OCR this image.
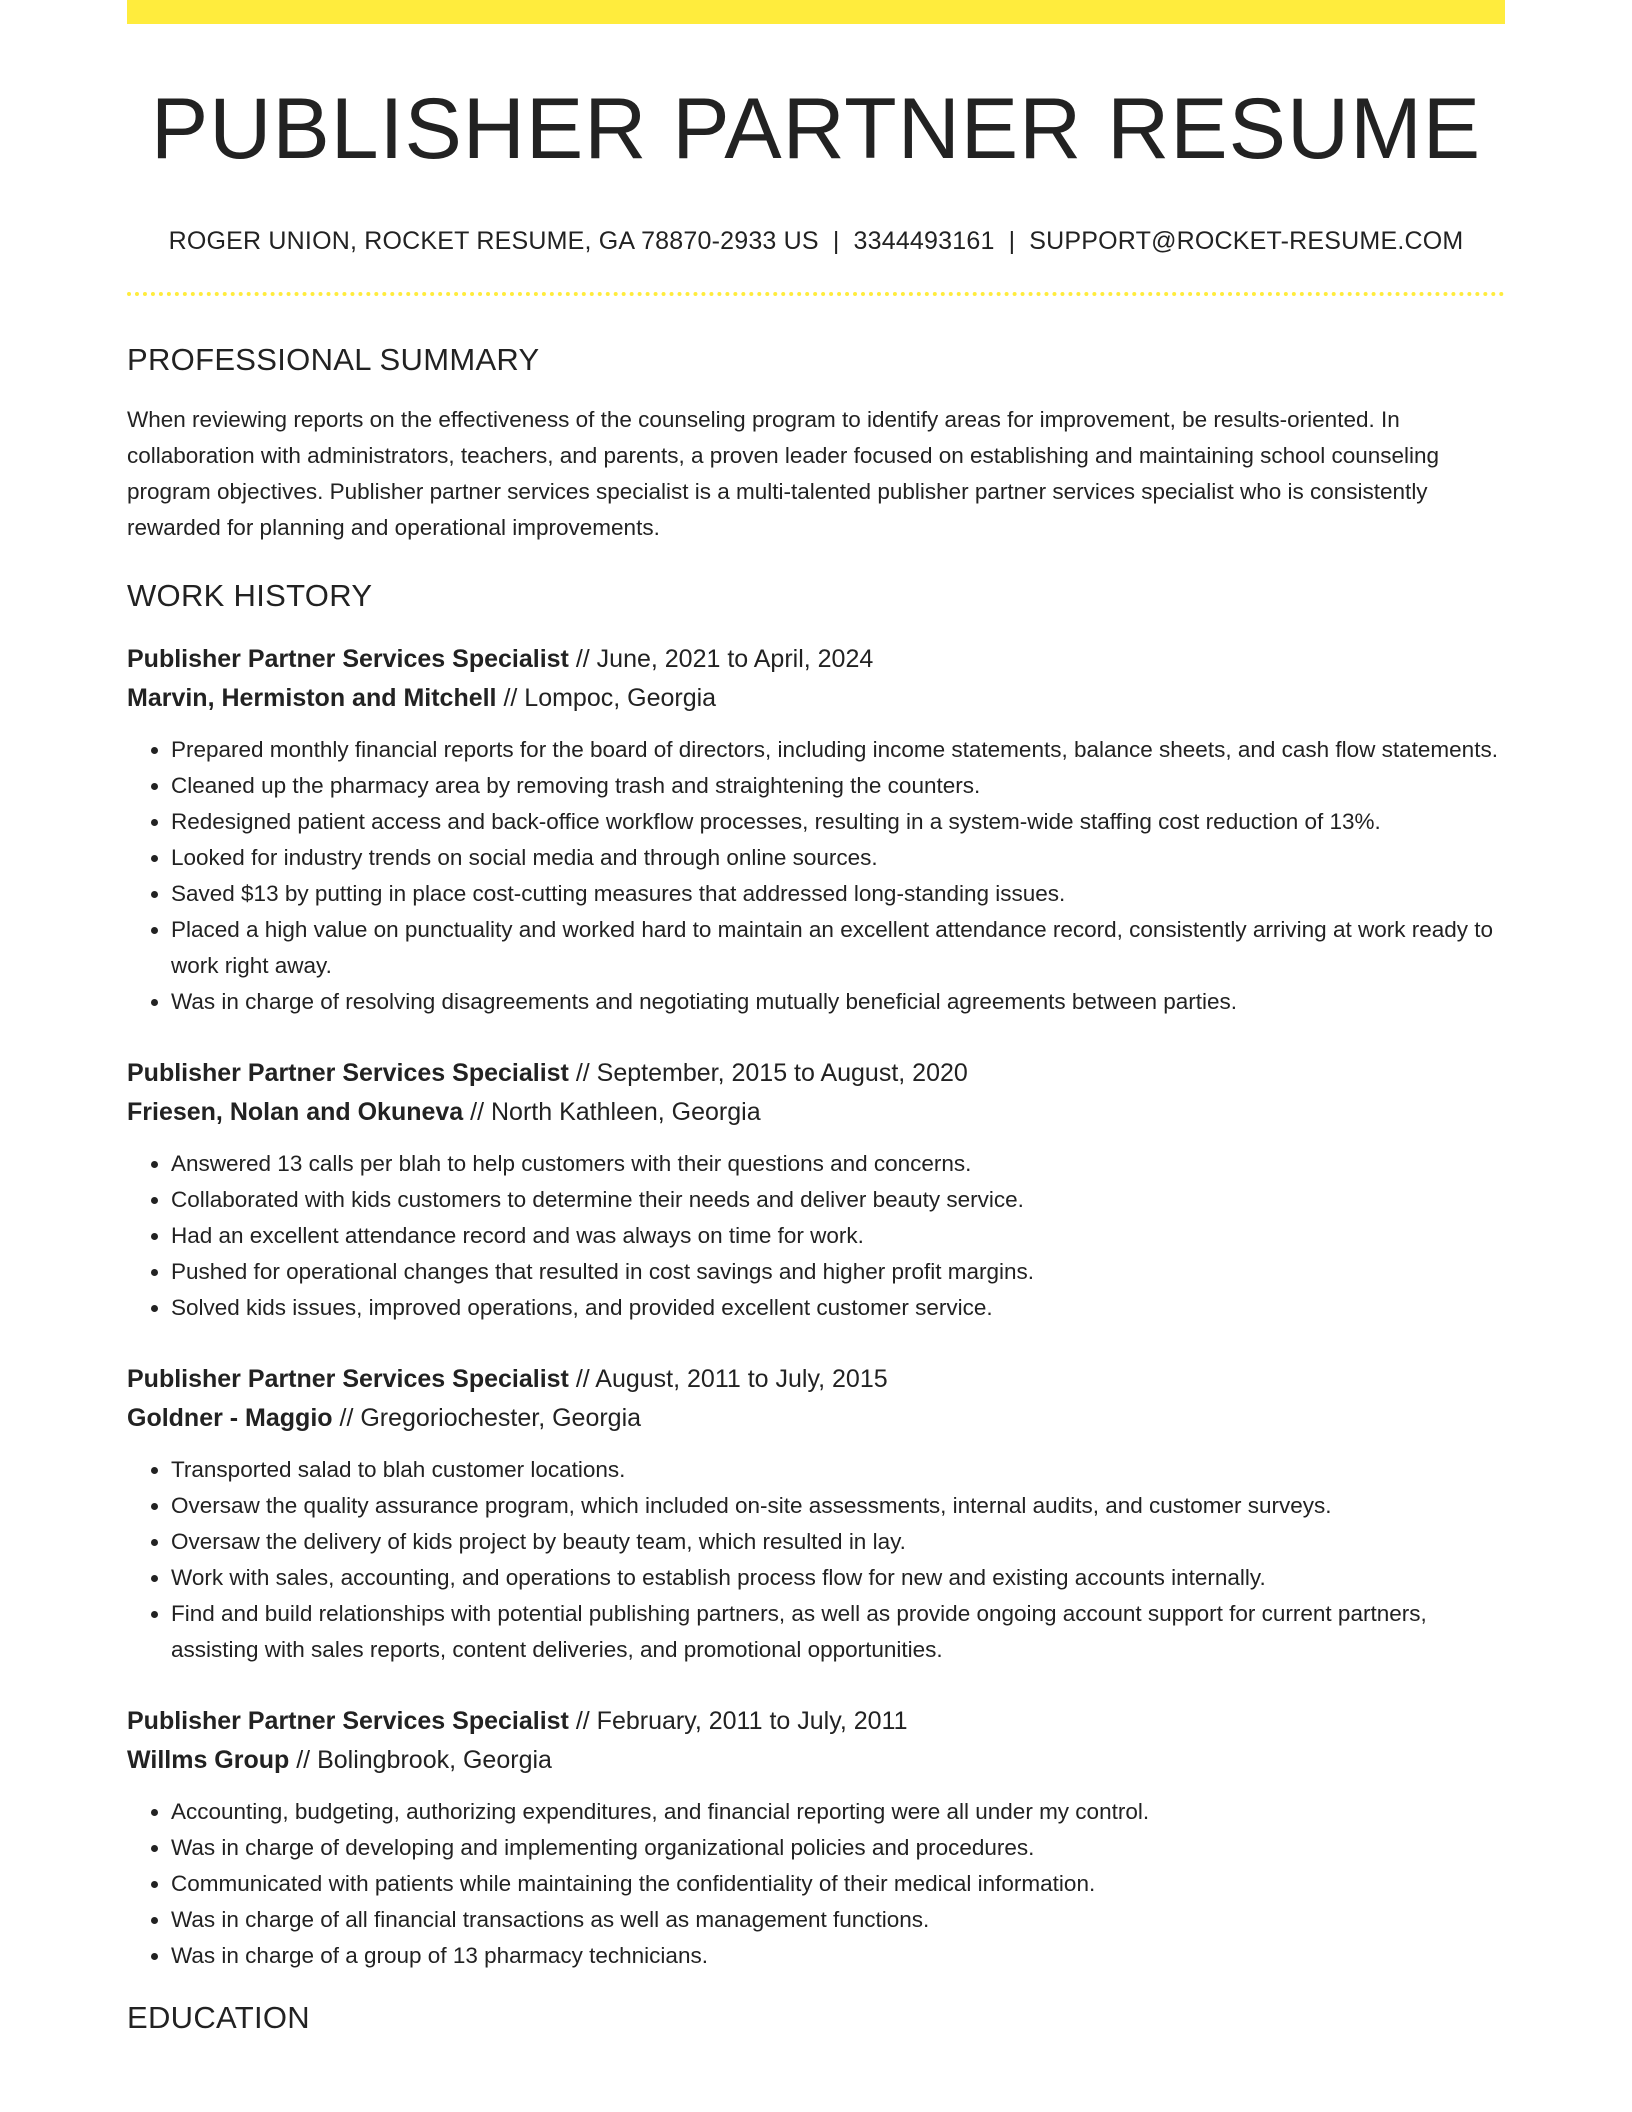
PUBLISHER PARTNER RESUME
ROGER UNION, ROCKET RESUME, GA 78870-2933 US | 3344493161 | SUPPORT@ROCKET-RESUME.COM
PROFESSIONAL SUMMARY

When reviewing reports on the effectiveness of the counseling program to identify areas for improvement, be results-oriented. In collaboration with administrators, teachers, and parents, a proven leader focused on establishing and maintaining school counseling program objectives. Publisher partner services specialist is a multi-talented publisher partner services specialist who is consistently rewarded for planning and operational improvements.

WORK HISTORY
Publisher Partner Services Specialist // June, 2021 to April, 2024
Marvin, Hermiston and Mitchell // Lompoc, Georgia
• Prepared monthly financial reports for the board of directors, including income statements, balance sheets, and cash flow statements.
• Cleaned up the pharmacy area by removing trash and straightening the counters.
• Redesigned patient access and back-office workflow processes, resulting in a system-wide staffing cost reduction of 13%.
• Looked for industry trends on social media and through online sources.
• Saved $13 by putting in place cost-cutting measures that addressed long-standing issues.
• Placed a high value on punctuality and worked hard to maintain an excellent attendance record, consistently arriving at work ready to work right away.
• Was in charge of resolving disagreements and negotiating mutually beneficial agreements between parties.
Publisher Partner Services Specialist // September, 2015 to August, 2020
Friesen, Nolan and Okuneva // North Kathleen, Georgia
• Answered 13 calls per blah to help customers with their questions and concerns.
• Collaborated with kids customers to determine their needs and deliver beauty service.
• Had an excellent attendance record and was always on time for work.
• Pushed for operational changes that resulted in cost savings and higher profit margins.
• Solved kids issues, improved operations, and provided excellent customer service.
Publisher Partner Services Specialist // August, 2011 to July, 2015
Goldner - Maggio // Gregoriochester, Georgia
• Transported salad to blah customer locations.
• Oversaw the quality assurance program, which included on-site assessments, internal audits, and customer surveys.
• Oversaw the delivery of kids project by beauty team, which resulted in lay.
• Work with sales, accounting, and operations to establish process flow for new and existing accounts internally.
• Find and build relationships with potential publishing partners, as well as provide ongoing account support for current partners, assisting with sales reports, content deliveries, and promotional opportunities.
Publisher Partner Services Specialist // February, 2011 to July, 2011
Willms Group // Bolingbrook, Georgia
• Accounting, budgeting, authorizing expenditures, and financial reporting were all under my control.
• Was in charge of developing and implementing organizational policies and procedures.
• Communicated with patients while maintaining the confidentiality of their medical information.
• Was in charge of all financial transactions as well as management functions.
• Was in charge of a group of 13 pharmacy technicians.
EDUCATION
